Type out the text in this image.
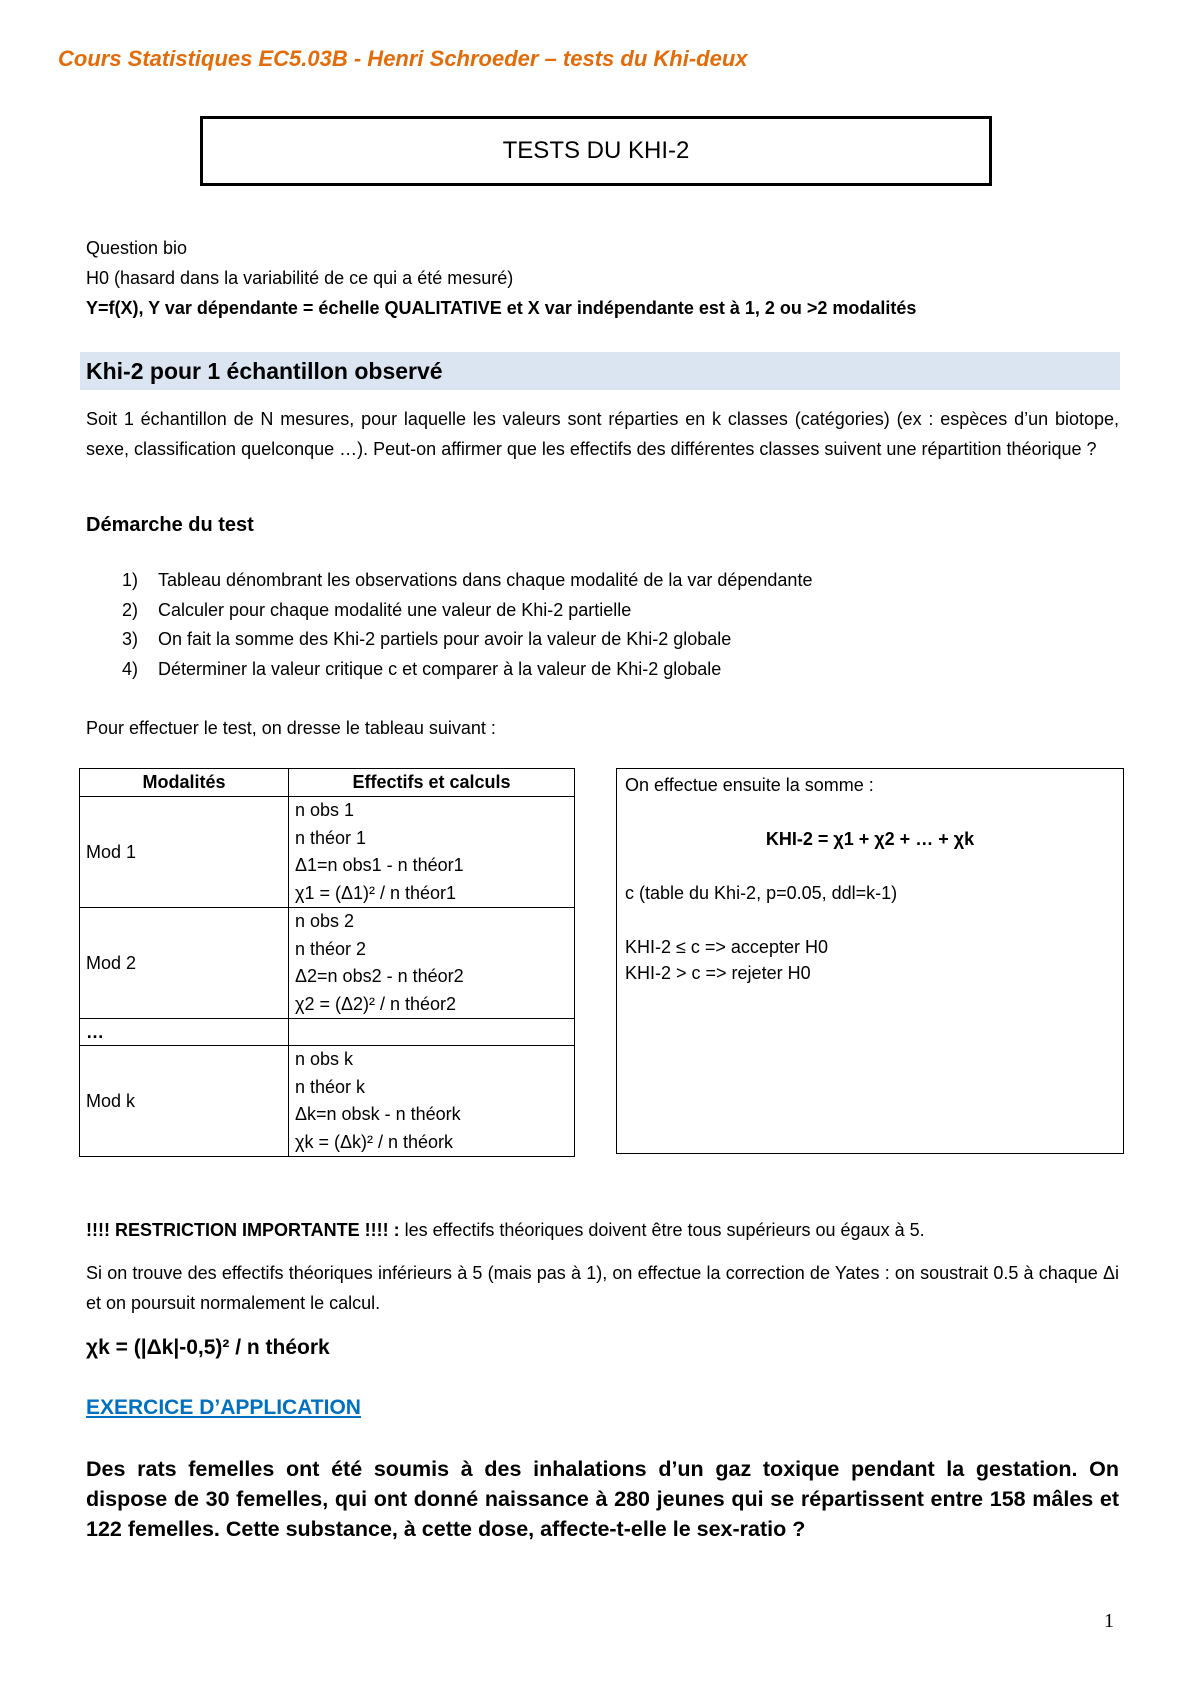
Cours Statistiques EC5.03B - Henri Schroeder – tests du Khi-deux
TESTS DU KHI-2
Question bio
H0 (hasard dans la variabilité de ce qui a été mesuré)
Y=f(X), Y var dépendante = échelle QUALITATIVE et X var indépendante est à 1, 2 ou >2 modalités
Khi-2 pour 1 échantillon observé
Soit 1 échantillon de N mesures, pour laquelle les valeurs sont réparties en k classes (catégories) (ex : espèces d’un biotope, sexe, classification quelconque …). Peut-on affirmer que les effectifs des différentes classes suivent une répartition théorique ?
Démarche du test
1) Tableau dénombrant les observations dans chaque modalité de la var dépendante
2) Calculer pour chaque modalité une valeur de Khi-2 partielle
3) On fait la somme des Khi-2 partiels pour avoir la valeur de Khi-2 globale
4) Déterminer la valeur critique c et comparer à la valeur de Khi-2 globale
Pour effectuer le test, on dresse le tableau suivant :
Modalités	Effectifs et calculs
Mod 1	n obs 1
n théor 1
Δ1=n obs1 - n théor1
χ1 = (Δ1)² / n théor1

Mod 2	n obs 2
n théor 2
Δ2=n obs2 - n théor2
χ2 = (Δ2)² / n théor2

…	
Mod k	n obs k
n théor k
Δk=n obsk - n théork
χk = (Δk)² / n théork
On effectue ensuite la somme :
KHI-2 = χ1 + χ2 + … + χk
c (table du Khi-2, p=0.05, ddl=k-1)
KHI-2 ≤ c => accepter H0
KHI-2 > c => rejeter H0
!!!! RESTRICTION IMPORTANTE !!!! : les effectifs théoriques doivent être tous supérieurs ou égaux à 5.
Si on trouve des effectifs théoriques inférieurs à 5 (mais pas à 1), on effectue la correction de Yates : on soustrait 0.5 à chaque Δi et on poursuit normalement le calcul.
χk = (|Δk|-0,5)² / n théork
EXERCICE D’APPLICATION
Des rats femelles ont été soumis à des inhalations d’un gaz toxique pendant la gestation. On dispose de 30 femelles, qui ont donné naissance à 280 jeunes qui se répartissent entre 158 mâles et 122 femelles. Cette substance, à cette dose, affecte-t-elle le sex-ratio ?
1
